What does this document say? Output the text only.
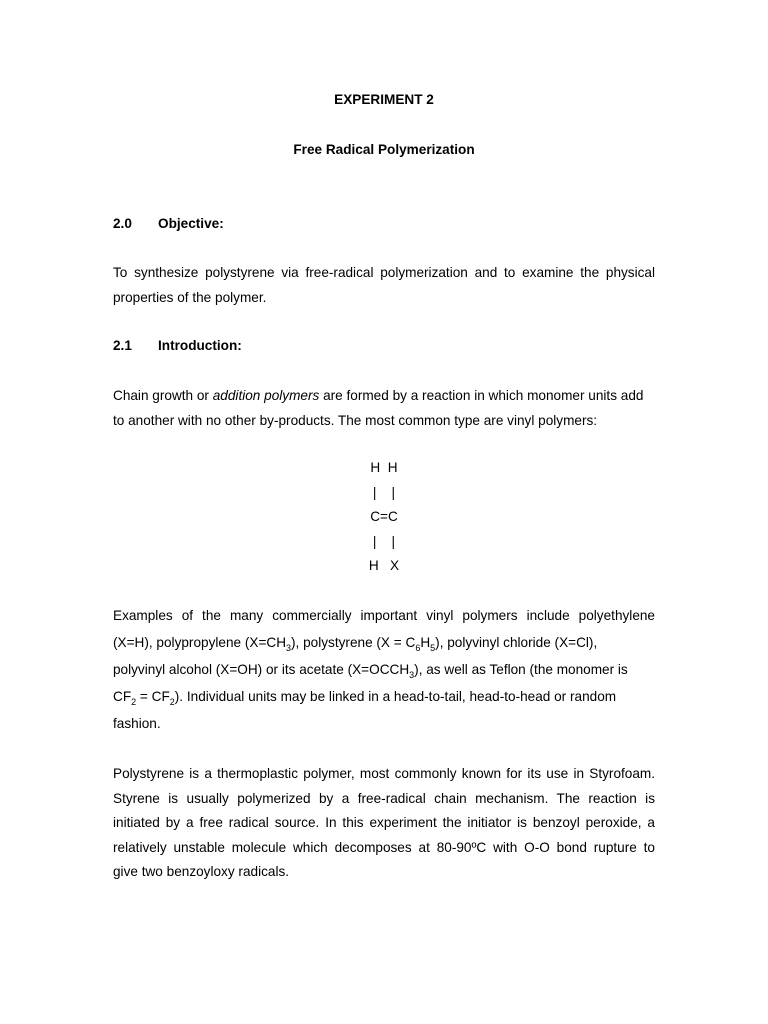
EXPERIMENT 2
Free Radical Polymerization
2.0 Objective:
To synthesize polystyrene via free-radical polymerization and to examine the physical
properties of the polymer.
2.1 Introduction:
Chain growth or addition polymers are formed by a reaction in which monomer units add
to another with no other by-products. The most common type are vinyl polymers:
H  H
|    |
C=C
|    |
H   X
Examples of the many commercially important vinyl polymers include polyethylene
(X=H), polypropylene $(X=CH_3)$, polystyrene $(X = C_6H_5)$, polyvinyl chloride (X=Cl),
polyvinyl alcohol (X=OH) or its acetate $(X=OCCH_3)$, as well as Teflon (the monomer is
$CF_2 = CF_2$). Individual units may be linked in a head-to-tail, head-to-head or random
fashion.
Polystyrene is a thermoplastic polymer, most commonly known for its use in Styrofoam.
Styrene is usually polymerized by a free-radical chain mechanism. The reaction is
initiated by a free radical source. In this experiment the initiator is benzoyl peroxide, a
relatively unstable molecule which decomposes at 80-90ºC with O-O bond rupture to
give two benzoyloxy radicals.
